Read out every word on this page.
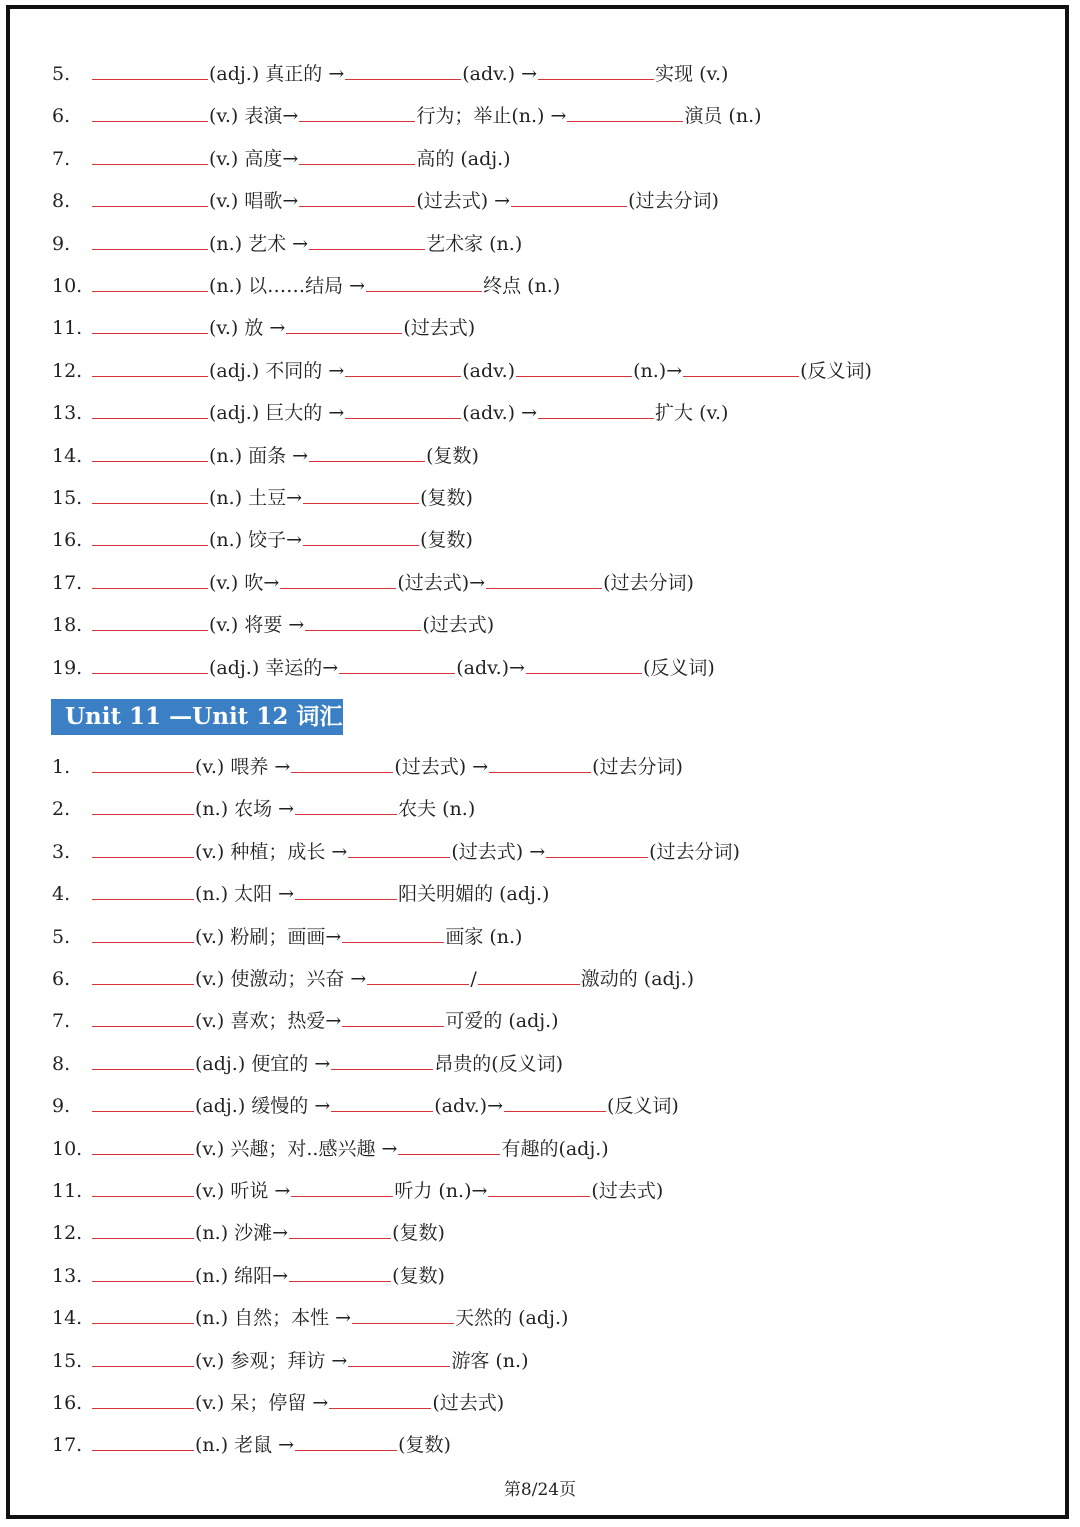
5.	(adj.) 真正的 →	(adv.) →	实现 (v.)
6.	(v.) 表演→	行为；举止(n.) →	演员 (n.)
7.	(v.) 高度→	高的 (adj.)
8.	(v.) 唱歌→	(过去式) →	(过去分词)
9.	(n.) 艺术 →	艺术家 (n.)
10.	(n.) 以……结局 →	终点 (n.)
11.	(v.) 放 →	(过去式)
12.	(adj.) 不同的 →	(adv.)	(n.)→	(反义词)
13.	(adj.) 巨大的 →	(adv.) →	扩大 (v.)
14.	(n.) 面条 →	(复数)
15.	(n.) 土豆→	(复数)
16.	(n.) 饺子→	(复数)
17.	(v.) 吹→	(过去式)→	(过去分词)
18.	(v.) 将要 →	(过去式)
19.	(adj.) 幸运的→	(adv.)→	(反义词)
Unit 11 —Unit 12 词汇
1.	(v.) 喂养 →	(过去式) →	(过去分词)
2.	(n.) 农场 →	农夫 (n.)
3.	(v.) 种植；成长 →	(过去式) →	(过去分词)
4.	(n.) 太阳 →	阳关明媚的 (adj.)
5.	(v.) 粉刷；画画→	画家 (n.)
6.	(v.) 使激动；兴奋 →	/	激动的 (adj.)
7.	(v.) 喜欢；热爱→	可爱的 (adj.)
8.	(adj.) 便宜的 →	昂贵的(反义词)
9.	(adj.) 缓慢的 →	(adv.)→	(反义词)
10.	(v.) 兴趣；对..感兴趣 →	有趣的(adj.)
11.	(v.) 听说 →	听力 (n.)→	(过去式)
12.	(n.) 沙滩→	(复数)
13.	(n.) 绵阳→	(复数)
14.	(n.) 自然；本性 →	天然的 (adj.)
15.	(v.) 参观；拜访 →	游客 (n.)
16.	(v.) 呆；停留 →	(过去式)
17.	(n.) 老鼠 →	(复数)
第8/24页
